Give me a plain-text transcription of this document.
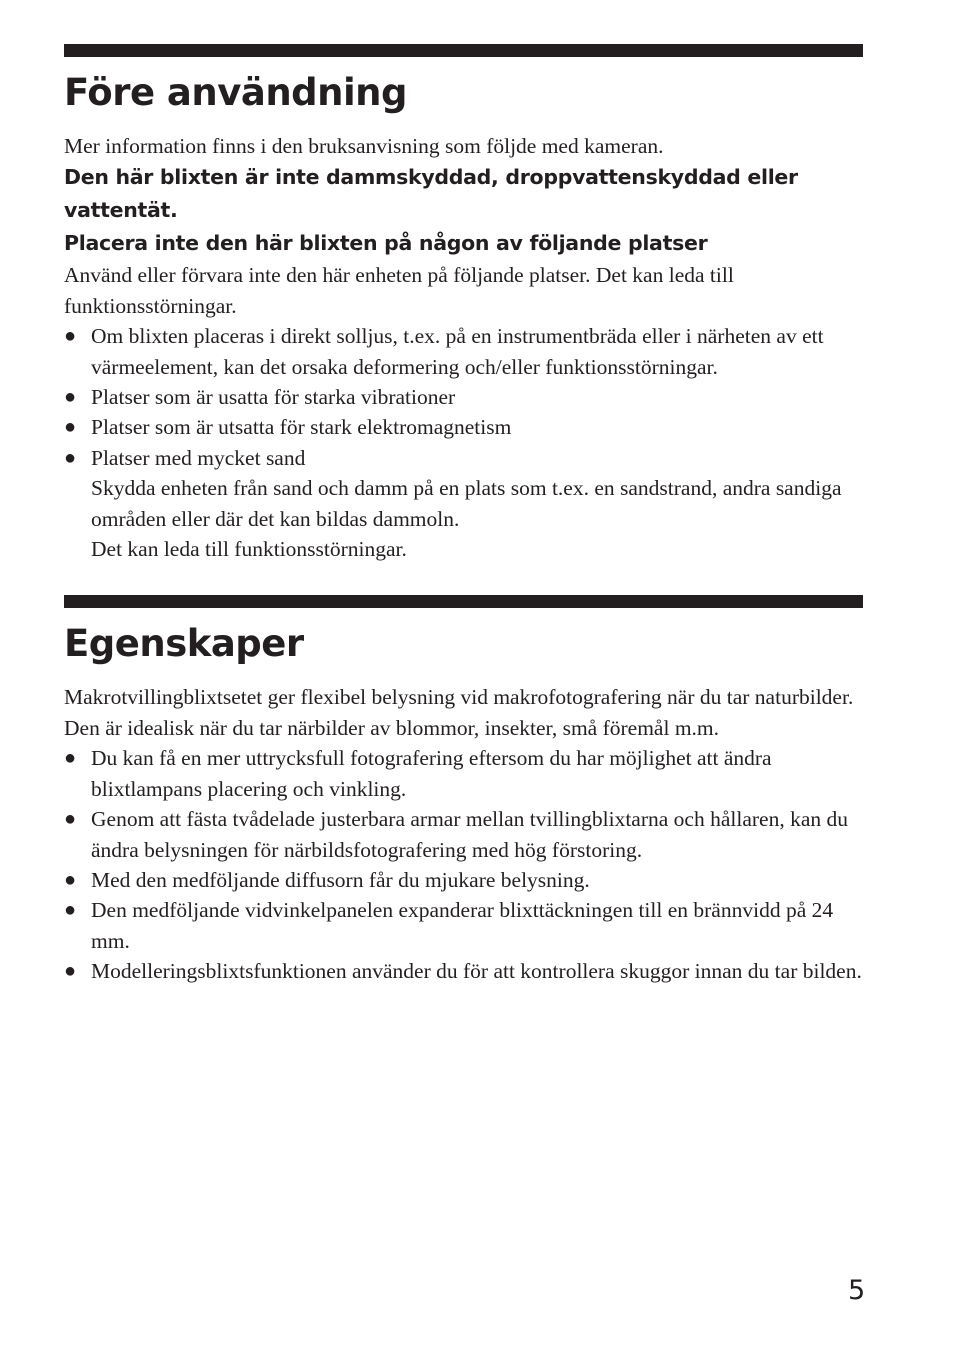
Före användning

Mer information finns i den bruksanvisning som följde med kameran.

Den här blixten är inte dammskyddad, droppvattenskyddad eller vattentät.
Placera inte den här blixten på någon av följande platser

Använd eller förvara inte den här enheten på följande platser. Det kan leda till funktionsstörningar.

● Om blixten placeras i direkt solljus, t.ex. på en instrumentbräda eller i närheten av ett värmeelement, kan det orsaka deformering och/eller funktionsstörningar.
● Platser som är usatta för starka vibrationer
● Platser som är utsatta för stark elektromagnetism
● Platser med mycket sand
Skydda enheten från sand och damm på en plats som t.ex. en sandstrand, andra sandiga områden eller där det kan bildas dammoln.
Det kan leda till funktionsstörningar.
Egenskaper

Makrotvillingblixtsetet ger flexibel belysning vid makrofotografering när du tar naturbilder. Den är idealisk när du tar närbilder av blommor, insekter, små föremål m.m.

● Du kan få en mer uttrycksfull fotografering eftersom du har möjlighet att ändra blixtlampans placering och vinkling.
● Genom att fästa tvådelade justerbara armar mellan tvillingblixtarna och hållaren, kan du ändra belysningen för närbildsfotografering med hög förstoring.
● Med den medföljande diffusorn får du mjukare belysning.
● Den medföljande vidvinkelpanelen expanderar blixttäckningen till en brännvidd på 24 mm.
● Modelleringsblixtsfunktionen använder du för att kontrollera skuggor innan du tar bilden.
5
